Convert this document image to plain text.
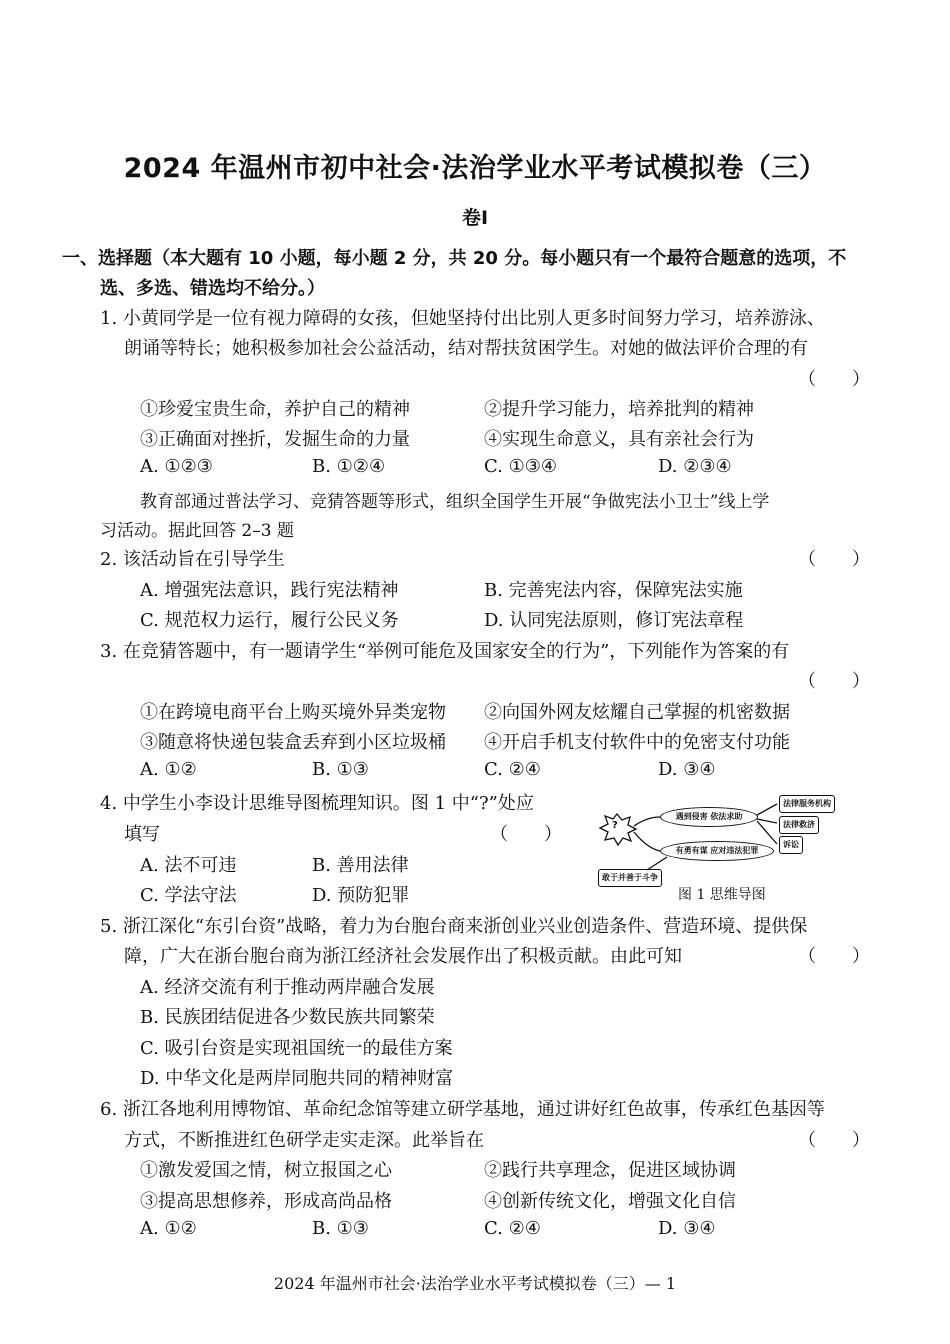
2024 年温州市初中社会·法治学业水平考试模拟卷（三）
卷Ⅰ
一、选择题（本大题有 10 小题，每小题 2 分，共 20 分。每小题只有一个最符合题意的选项，不
选、多选、错选均不给分。）
1. 小黄同学是一位有视力障碍的女孩，但她坚持付出比别人更多时间努力学习，培养游泳、
朗诵等特长；她积极参加社会公益活动，结对帮扶贫困学生。对她的做法评价合理的有
（　　）
①珍爱宝贵生命，养护自己的精神	②提升学习能力，培养批判的精神
③正确面对挫折，发掘生命的力量	④实现生命意义，具有亲社会行为
A. ①②③	B. ①②④	C. ①③④	D. ②③④
教育部通过普法学习、竞猜答题等形式，组织全国学生开展“争做宪法小卫士”线上学
习活动。据此回答 2–3 题
2. 该活动旨在引导学生	（　　）
A. 增强宪法意识，践行宪法精神	B. 完善宪法内容，保障宪法实施
C. 规范权力运行，履行公民义务	D. 认同宪法原则，修订宪法章程
3. 在竞猜答题中，有一题请学生“举例可能危及国家安全的行为”，下列能作为答案的有
（　　）
①在跨境电商平台上购买境外异类宠物 ②向国外网友炫耀自己掌握的机密数据
③随意将快递包装盒丢弃到小区垃圾桶 ④开启手机支付软件中的免密支付功能
A. ①②	B. ①③	C. ②④	D. ③④
4. 中学生小李设计思维导图梳理知识。图 1 中“?”处应
填写	（　　）
A. 法不可违	B. 善用法律
C. 学法守法	D. 预防犯罪
?
遇到侵害 依法求助
有勇有谋 应对违法犯罪
法律服务机构
法律救济
诉讼
敢于并善于斗争
图 1 思维导图
5. 浙江深化“东引台资”战略，着力为台胞台商来浙创业兴业创造条件、营造环境、提供保
障，广大在浙台胞台商为浙江经济社会发展作出了积极贡献。由此可知	（　　）
A. 经济交流有利于推动两岸融合发展
B. 民族团结促进各少数民族共同繁荣
C. 吸引台资是实现祖国统一的最佳方案
D. 中华文化是两岸同胞共同的精神财富
6. 浙江各地利用博物馆、革命纪念馆等建立研学基地，通过讲好红色故事，传承红色基因等
方式，不断推进红色研学走实走深。此举旨在	（　　）
①激发爱国之情，树立报国之心	②践行共享理念，促进区域协调
③提高思想修养，形成高尚品格	④创新传统文化，增强文化自信
A. ①②	B. ①③	C. ②④	D. ③④
2024 年温州市社会·法治学业水平考试模拟卷（三）— 1
